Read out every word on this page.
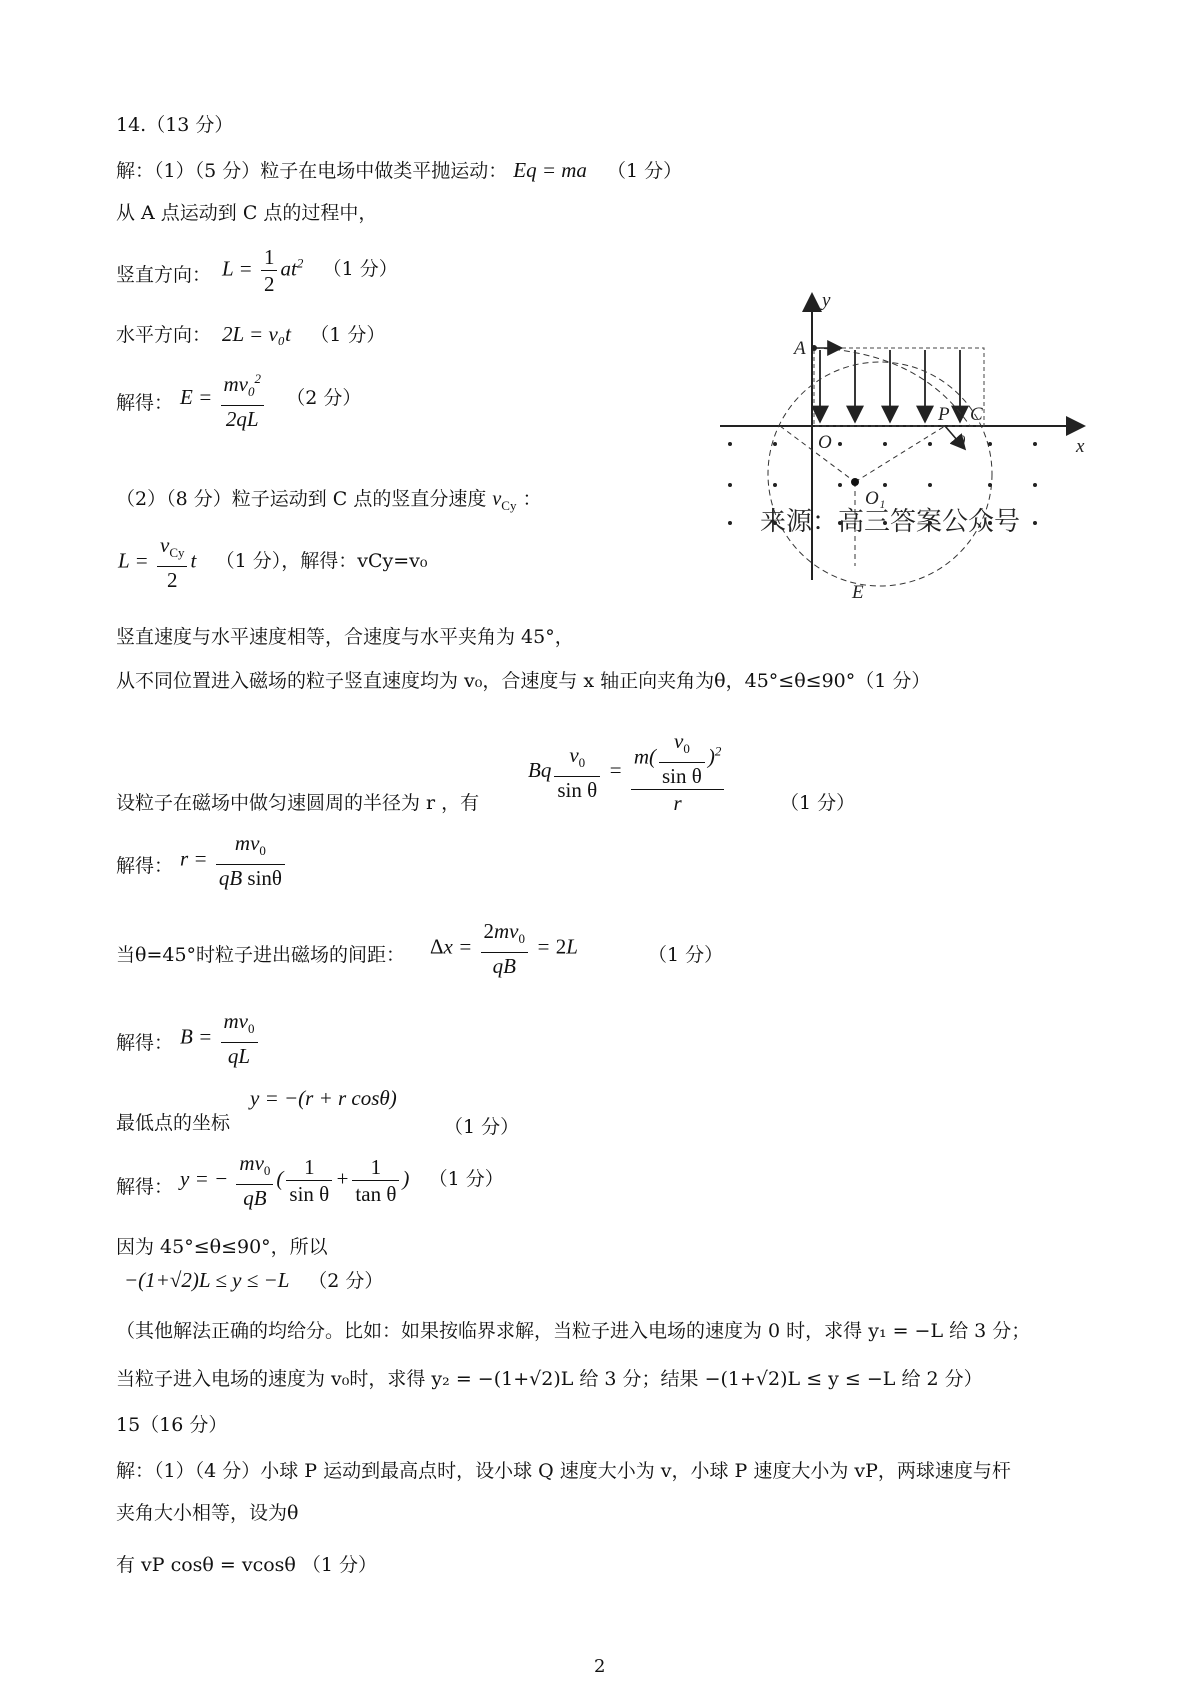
14.（13 分）
解：（1）（5 分）粒子在电场中做类平抛运动： Eq = ma （1 分）
从 A 点运动到 C 点的过程中，
竖直方向： $L = \frac{1}{2} at^2$ （1 分）
水平方向： 2L = v₀t （1 分）
解得： $E = \frac{mv_0^2}{2qL} (2$ 分）
（2）（8 分）粒子运动到 C 点的竖直分速度 $v_{Cy}$ ：
$L = \frac{v_{Cy}}{2}$ t （1 分），解得：vCy=v₀
竖直速度与水平速度相等，合速度与水平夹角为 45°，
从不同位置进入磁场的粒子竖直速度均为 v₀，合速度与 x 轴正向夹角为θ，45°≤θ≤90°（1 分）
设粒子在磁场中做匀速圆周的半径为 r ，有
Bq $\frac{v_0}{\text{sin θ}} = \frac{m( \frac{v_0}{\text{sin θ}} )^2}{r}$	（1 分）
解得： $r = \frac{mv_0}{\text{qB sinθ}}$
当θ=45°时粒子进出磁场的间距： $\Delta x = \frac{2mv_0}{qB} = 2L$	（1 分）
解得： $B = \frac{mv_0}{qL}$
y = −(r + r cosθ)
最低点的坐标	（1 分）
解得： y = − $\frac{mv_0}{qB}$ ( $\frac{1}{\text{sin θ}} + \frac{1}{\text{tan θ}}$ ) （1 分）
因为 45°≤θ≤90°，所以
−(1+√2)L ≤ y ≤ −L （2 分）
（其他解法正确的均给分。比如：如果按临界求解，当粒子进入电场的速度为 0 时，求得 y₁ = −L 给 3 分；
当粒子进入电场的速度为 v₀时，求得 y₂ = −(1+√2)L 给 3 分；结果 −(1+√2)L ≤ y ≤ −L 给 2 分）
15（16 分）
解：（1）（4 分）小球 P 运动到最高点时，设小球 Q 速度大小为 v，小球 P 速度大小为 vP，两球速度与杆
夹角大小相等，设为θ
有 vP cosθ = vcosθ （1 分）
2
y
x
A
O
P C
O₁
E
θ
来源：高三答案公众号
